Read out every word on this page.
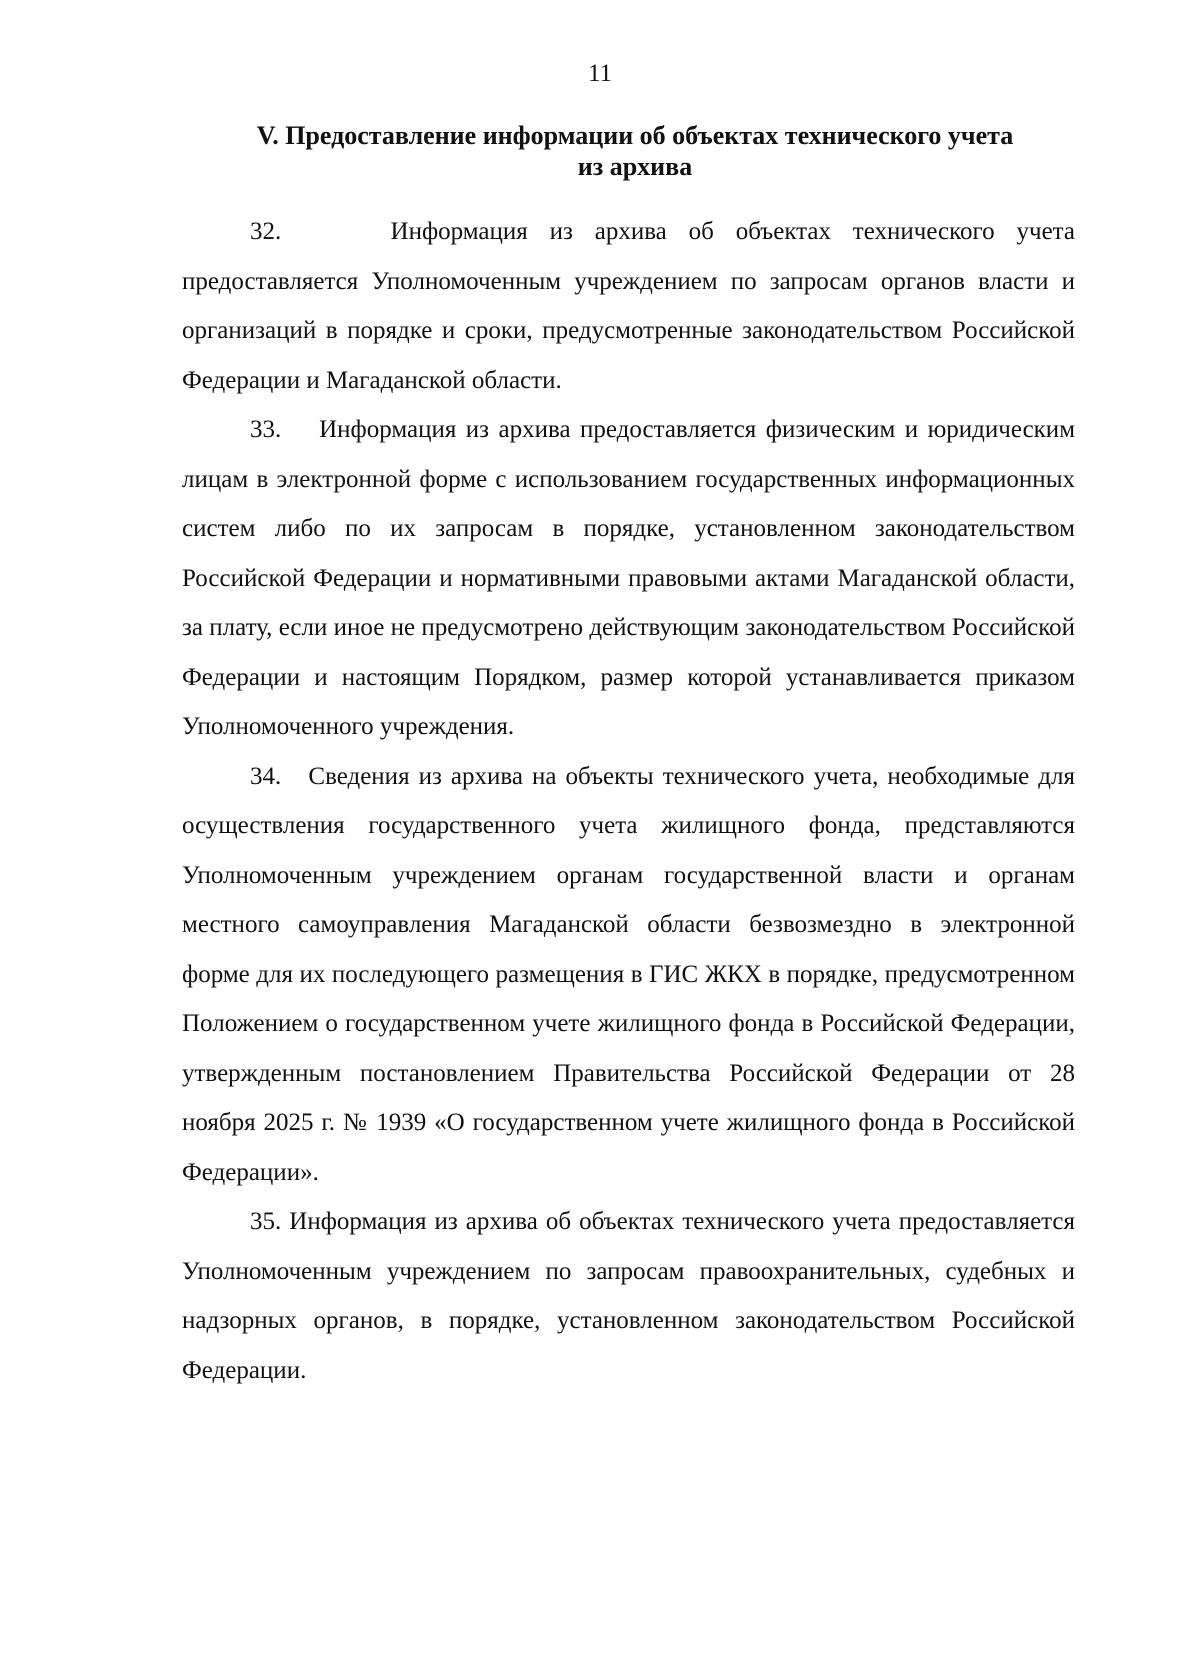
11
V. Предоставление информации об объектах технического учета
из архива

32.	Информация из архива об объектах технического учета предоставляется Уполномоченным учреждением по запросам органов власти и организаций в порядке и сроки, предусмотренные законодательством Российской Федерации и Магаданской области.

33. Информация из архива предоставляется физическим и юридическим лицам в электронной форме с использованием государственных информационных систем либо по их запросам в порядке, установленном законодательством Российской Федерации и нормативными правовыми актами Магаданской области, за плату, если иное не предусмотрено действующим законодательством Российской Федерации и настоящим Порядком, размер которой устанавливается приказом Уполномоченного учреждения.

34. Сведения из архива на объекты технического учета, необходимые для осуществления государственного учета жилищного фонда, представляются Уполномоченным учреждением органам государственной власти и органам местного самоуправления Магаданской области безвозмездно в электронной форме для их последующего размещения в ГИС ЖКХ в порядке, предусмотренном Положением о государственном учете жилищного фонда в Российской Федерации, утвержденным постановлением Правительства Российской Федерации от 28 ноября 2025 г. № 1939 «О государственном учете жилищного фонда в Российской Федерации».

35. Информация из архива об объектах технического учета предоставляется Уполномоченным учреждением по запросам правоохранительных, судебных и надзорных органов, в порядке, установленном законодательством Российской Федерации.
